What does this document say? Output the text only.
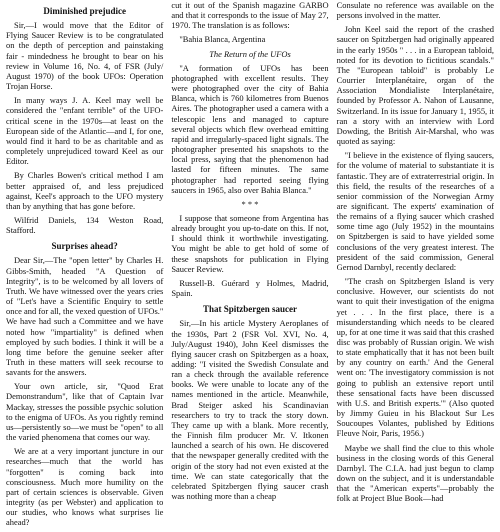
Diminished prejudice

Sir,—I would move that the Editor of Flying Saucer Review is to be congratulated on the depth of perception and painstaking fair - mindedness he brought to bear on his review in Volume 16, No. 4, of FSR (July/ August 1970) of the book UFOs: Operation Trojan Horse.

In many ways J. A. Keel may well be considered the "enfant terrible" of the UFO-critical scene in the 1970s—at least on the European side of the Atlantic—and I, for one, would find it hard to be as charitable and as completely unprejudiced toward Keel as our Editor.

By Charles Bowen's critical method I am better appraised of, and less prejudiced against, Keel's approach to the UFO mystery than by anything that has gone before.

Wilfrid Daniels, 134 Weston Road, Stafford.

Surprises ahead?

Dear Sir,—The "open letter" by Charles H. Gibbs-Smith, headed "A Question of Integrity", is to be welcomed by all lovers of Truth. We have witnessed over the years cries of "Let's have a Scientific Enquiry to settle once and for all, the vexed question of UFOs." We have had such a Committee and we have noted how "impartiality" is defined when employed by such bodies. I think it will be a long time before the genuine seeker after Truth in these matters will seek recourse to savants for the answers.

Your own article, sir, "Quod Erat Demonstrandum", like that of Captain Ivar Mackay, stresses the possible psychic solution to the enigma of UFOs. As you rightly remind us—persistently so—we must be "open" to all the varied phenomena that comes our way.

We are at a very important juncture in our researches—much that the world has "forgotten" is coming back into consciousness. Much more humility on the part of certain sciences is observable. Given integrity (as per Webster) and application to our studies, who knows what surprises lie ahead?

cut it out of the Spanish magazine GARBO and that it corresponds to the issue of May 27, 1970. The translation is as follows:

"Bahia Blanca, Argentina

The Return of the UFOs

"A formation of UFOs has been photographed with excellent results. They were photographed over the city of Bahia Blanca, which is 760 kilometres from Buenos Aires. The photographer used a camera with a telescopic lens and managed to capture several objects which flew overhead emitting rapid and irregularly-spaced light signals. The photographer presented his snapshots to the local press, saying that the phenomenon had lasted for fifteen minutes. The same photographer had reported seeing flying saucers in 1965, also over Bahia Blanca."

* * *

I suppose that someone from Argentina has already brought you up-to-date on this. If not, I should think it worthwhile investigating. You might be able to get hold of some of these snapshots for publication in Flying Saucer Review.

Russell-B. Guérard y Holmes, Madrid, Spain.

That Spitzbergen saucer

Sir,—In his article Mystery Aeroplanes of the 1930s, Part 2 (FSR Vol. XVI, No. 4, July/August 1940), John Keel dismisses the flying saucer crash on Spitzbergen as a hoax, adding: "I visited the Swedish Consulate and ran a check through the available reference books. We were unable to locate any of the names mentioned in the article. Meanwhile, Brad Steiger asked his Scandinavian researchers to try to track the story down. They came up with a blank. More recently, the Finnish film producer Mr. V. Itkonen launched a search of his own. He discovered that the newspaper generally credited with the origin of the story had not even existed at the time. We can state categorically that the celebrated Spitzbergen flying saucer crash was nothing more than a cheap

Consulate no reference was available on the persons involved in the matter.

John Keel said the report of the crashed saucer on Spitzbergen had originally appeared in the early 1950s " . . . in a European tabloid, noted for its devotion to fictitious scandals." The "European tabloid" is probably Le Courrier Interplanétaire, organ of the Association Mondialiste Interplanétaire, founded by Professor A. Nahon of Lausanne, Switzerland. In its issue for January 1, 1955, it ran a story with an interview with Lord Dowding, the British Air-Marshal, who was quoted as saying:

"I believe in the existence of flying saucers, for the volume of material to substantiate it is fantastic. They are of extraterrestrial origin. In this field, the results of the researches of a senior commission of the Norwegian Army are significant. The experts' examination of the remains of a flying saucer which crashed some time ago (July 1952) in the mountains on Spitzbergen is said to have yielded some conclusions of the very greatest interest. The president of the said commission, General Gernod Darnbyl, recently declared:

"The crash on Spitzbergen Island is very conclusive. However, our scientists do not want to quit their investigation of the enigma yet . . . In the first place, there is a misunderstanding which needs to be cleared up, for at one time it was said that this crashed disc was probably of Russian origin. We wish to state emphatically that it has not been built by any country on earth.' And the General went on: 'The investigatory commission is not going to publish an extensive report until these sensational facts have been discussed with U.S. and British experts.'" (Also quoted by Jimmy Guieu in his Blackout Sur Les Soucoupes Volantes, published by Editions Fleuve Noir, Paris, 1956.)

Maybe we shall find the clue to this whole business in the closing words of this General Darnbyl. The C.I.A. had just begun to clamp down on the subject, and it is understandable that the "American experts"—probably the folk at Project Blue Book—had
